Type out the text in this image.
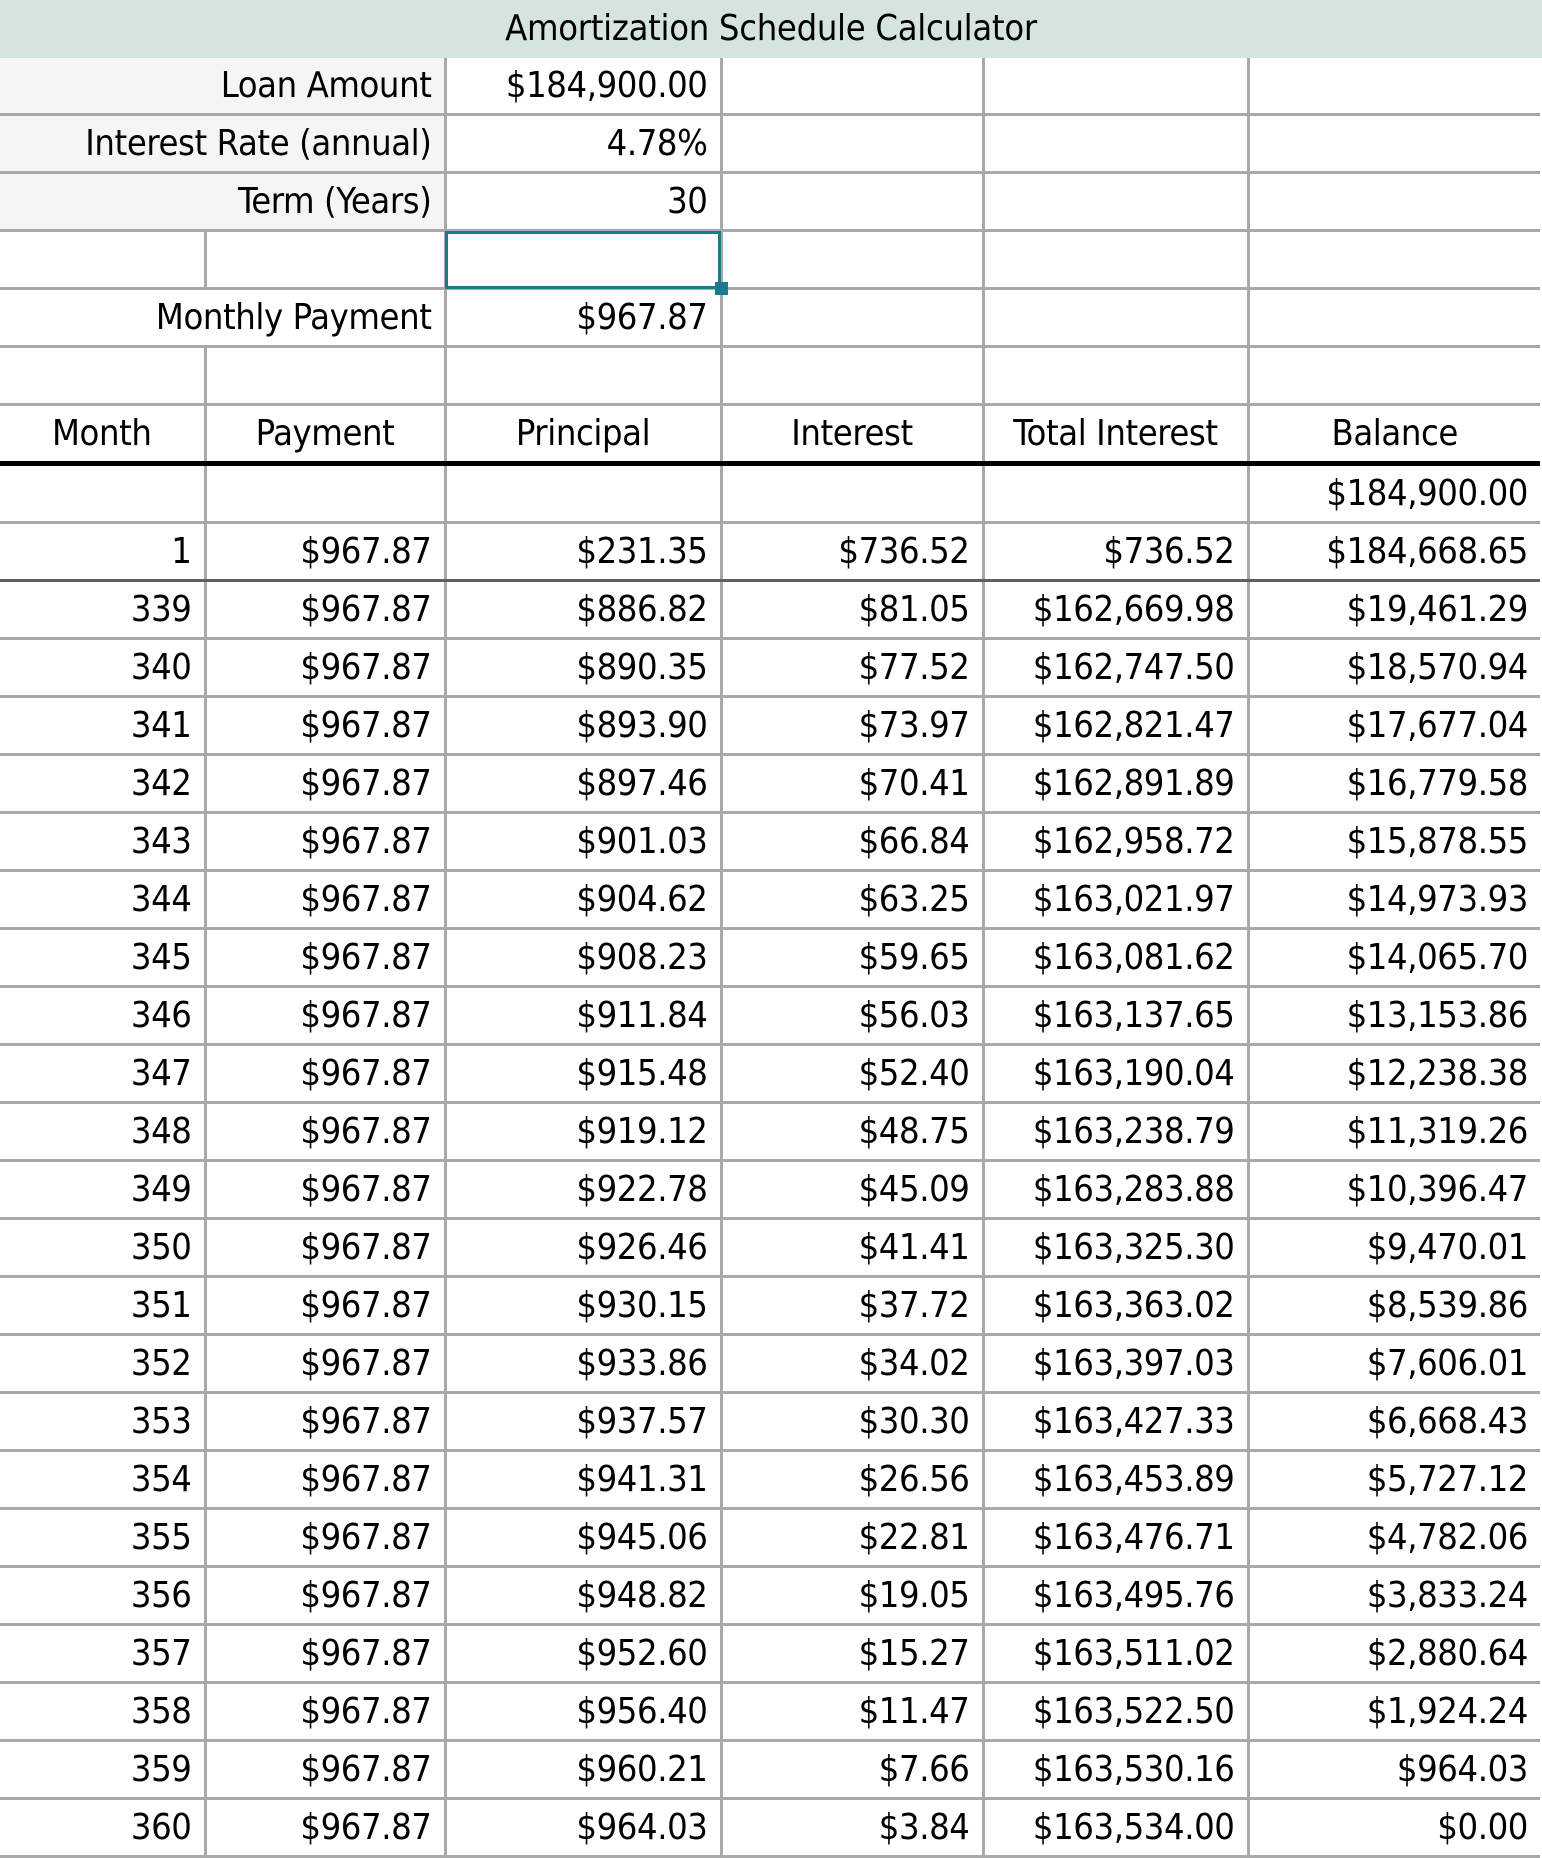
Amortization Schedule Calculator
Loan Amount		$184,900.00			
Interest Rate (annual)		4.78%			
Term (Years)		30			

Monthly Payment		$967.87			

Month	Payment	Principal	Interest	Total Interest	Balance
					$184,900.00
1	$967.87	$231.35	$736.52	$736.52	$184,668.65
339	$967.87	$886.82	$81.05	$162,669.98	$19,461.29
340	$967.87	$890.35	$77.52	$162,747.50	$18,570.94
341	$967.87	$893.90	$73.97	$162,821.47	$17,677.04
342	$967.87	$897.46	$70.41	$162,891.89	$16,779.58
343	$967.87	$901.03	$66.84	$162,958.72	$15,878.55
344	$967.87	$904.62	$63.25	$163,021.97	$14,973.93
345	$967.87	$908.23	$59.65	$163,081.62	$14,065.70
346	$967.87	$911.84	$56.03	$163,137.65	$13,153.86
347	$967.87	$915.48	$52.40	$163,190.04	$12,238.38
348	$967.87	$919.12	$48.75	$163,238.79	$11,319.26
349	$967.87	$922.78	$45.09	$163,283.88	$10,396.47
350	$967.87	$926.46	$41.41	$163,325.30	$9,470.01
351	$967.87	$930.15	$37.72	$163,363.02	$8,539.86
352	$967.87	$933.86	$34.02	$163,397.03	$7,606.01
353	$967.87	$937.57	$30.30	$163,427.33	$6,668.43
354	$967.87	$941.31	$26.56	$163,453.89	$5,727.12
355	$967.87	$945.06	$22.81	$163,476.71	$4,782.06
356	$967.87	$948.82	$19.05	$163,495.76	$3,833.24
357	$967.87	$952.60	$15.27	$163,511.02	$2,880.64
358	$967.87	$956.40	$11.47	$163,522.50	$1,924.24
359	$967.87	$960.21	$7.66	$163,530.16	$964.03
360	$967.87	$964.03	$3.84	$163,534.00	$0.00
